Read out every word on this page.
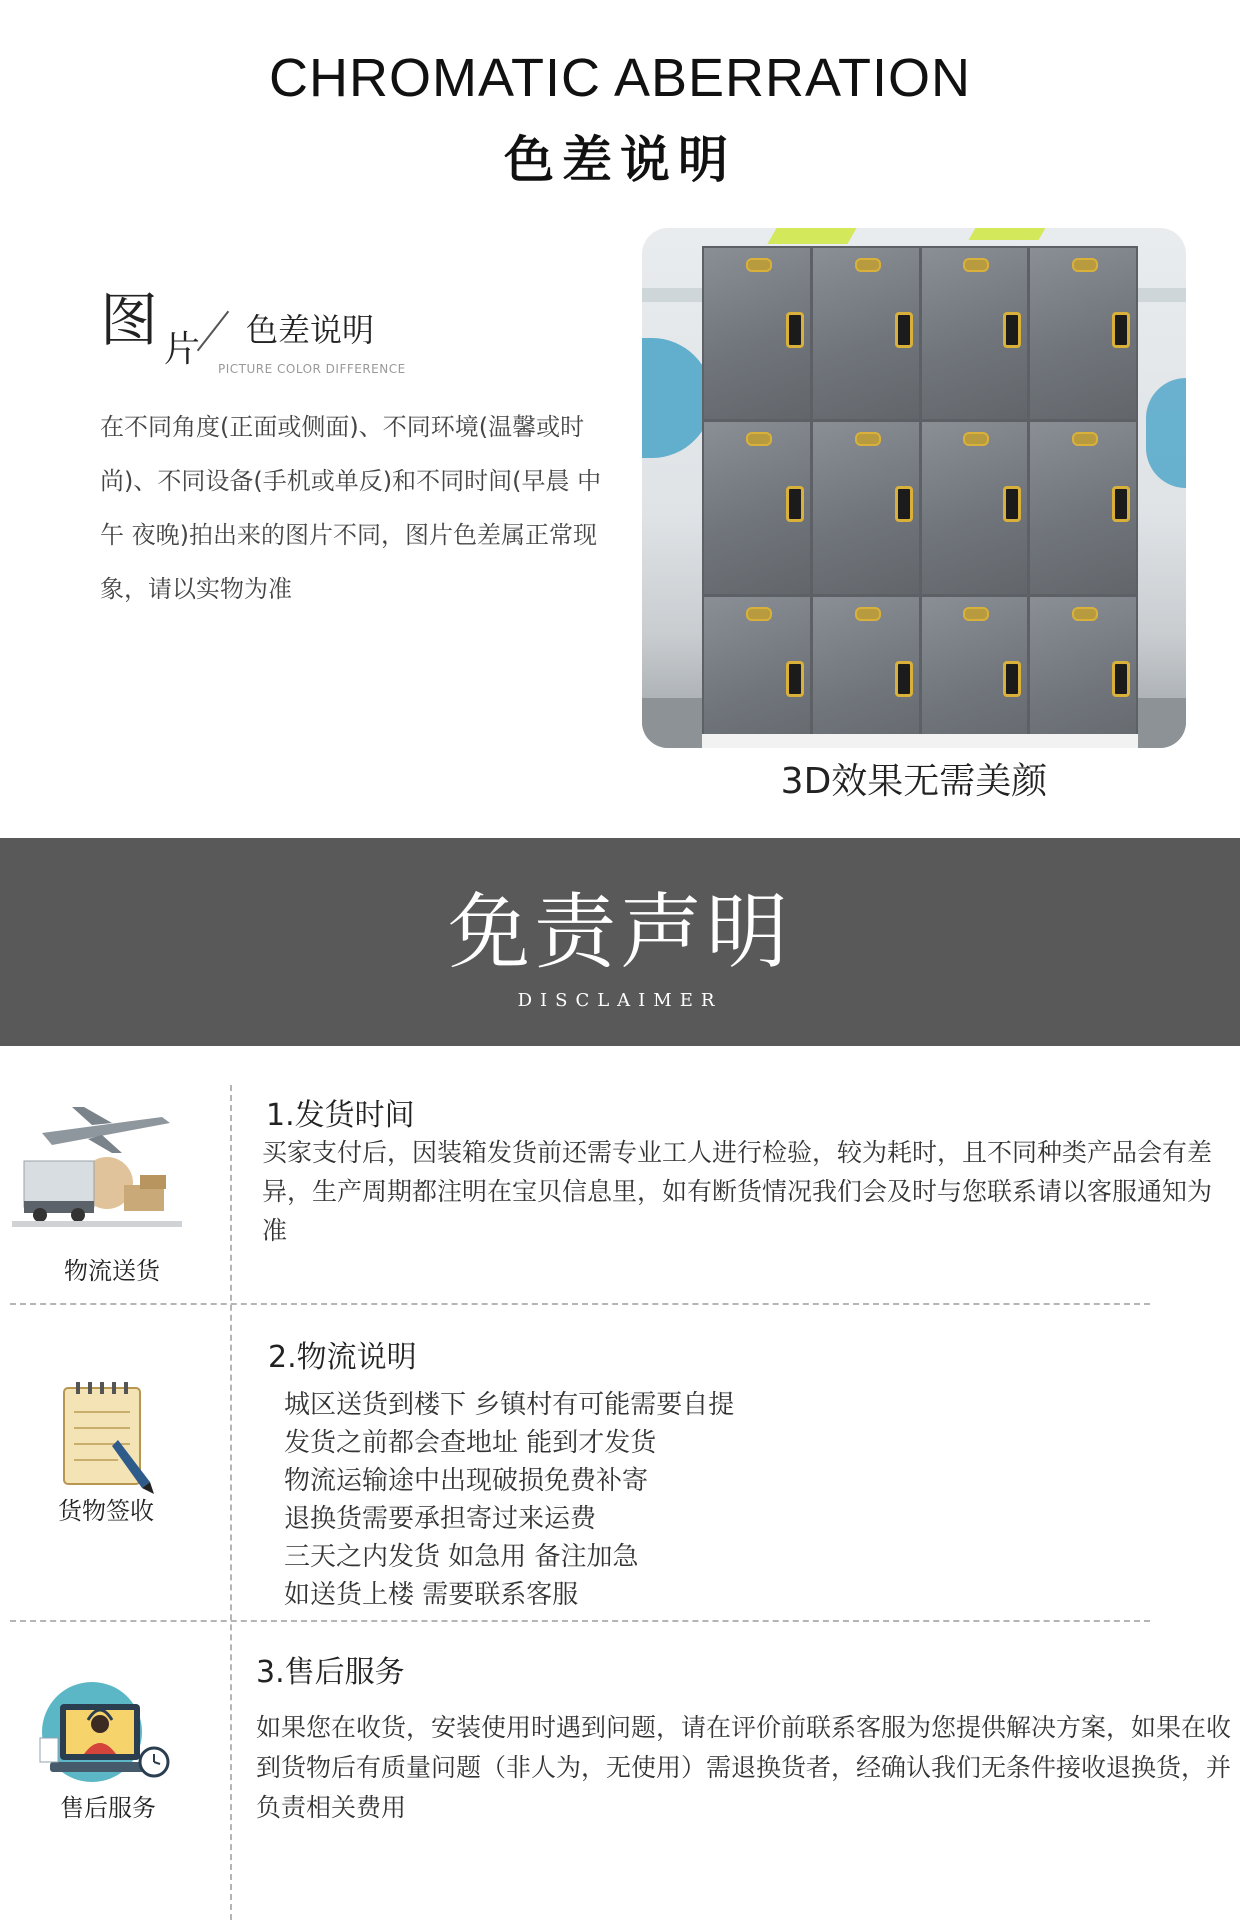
CHROMATIC ABERRATION
色差说明
图 片 色差说明
PICTURE COLOR DIFFERENCE

在不同角度(正面或侧面)、不同环境(温馨或时尚)、不同设备(手机或单反)和不同时间(早晨 中午 夜晚)拍出来的图片不同，图片色差属正常现象，请以实物为准

3D效果无需美颜
免责声明
DISCLAIMER
物流送货
1.发货时间

买家支付后，因装箱发货前还需专业工人进行检验，较为耗时，且不同种类产品会有差异，生产周期都注明在宝贝信息里，如有断货情况我们会及时与您联系请以客服通知为准

货物签收
2.物流说明
城区送货到楼下 乡镇村有可能需要自提
发货之前都会查地址 能到才发货
物流运输途中出现破损免费补寄
退换货需要承担寄过来运费
三天之内发货 如急用 备注加急
如送货上楼 需要联系客服
售后服务
3.售后服务

如果您在收货，安装使用时遇到问题，请在评价前联系客服为您提供解决方案，如果在收到货物后有质量问题（非人为，无使用）需退换货者，经确认我们无条件接收退换货，并负责相关费用
